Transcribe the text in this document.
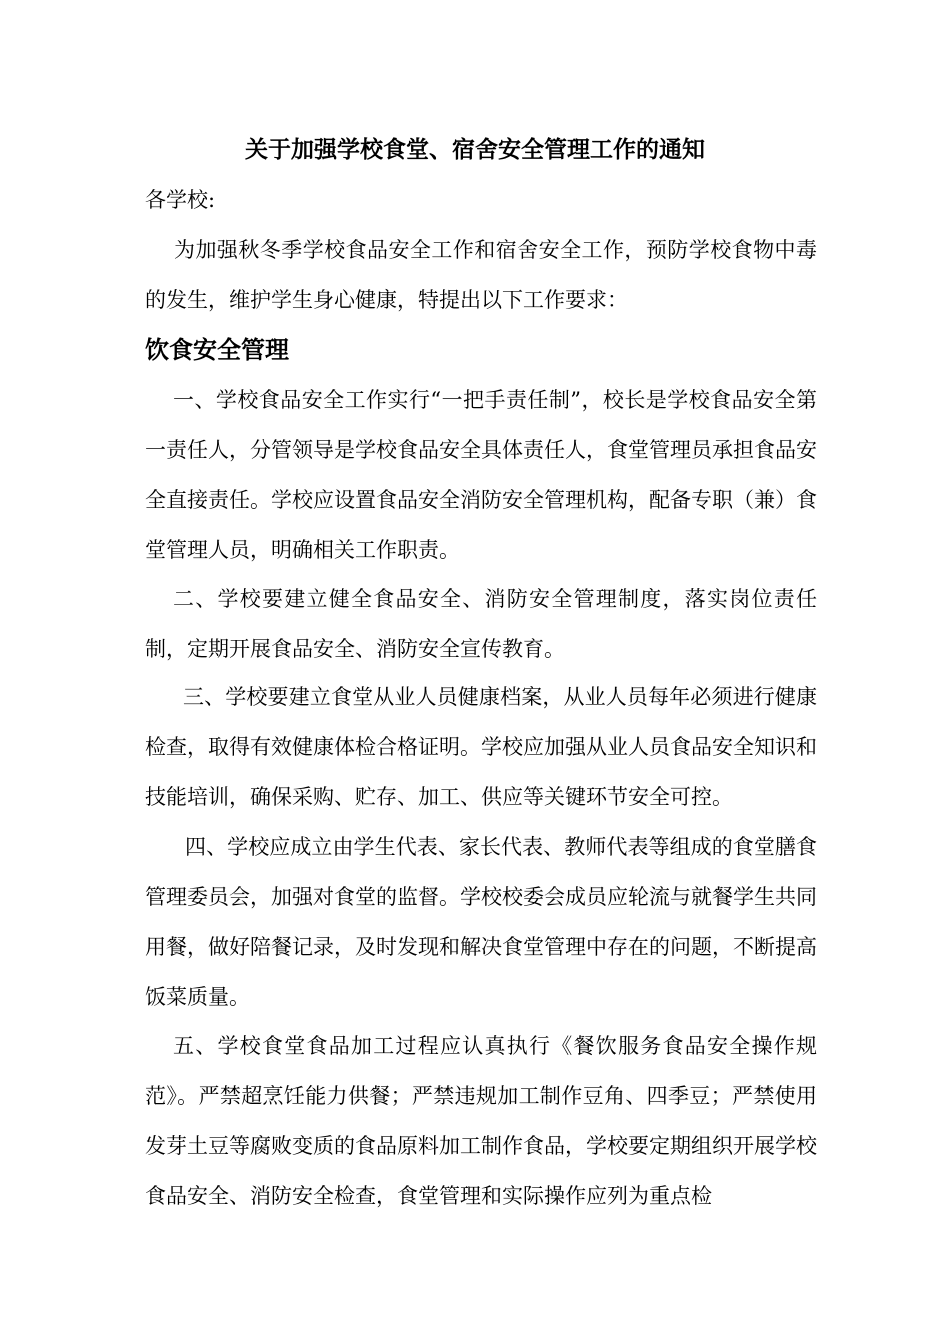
关于加强学校食堂、宿舍安全管理工作的通知

各学校:

为加强秋冬季学校食品安全工作和宿舍安全工作，预防学校食物中毒的发生，维护学生身心健康，特提出以下工作要求：

饮食安全管理

一、学校食品安全工作实行“一把手责任制”，校长是学校食品安全第一责任人，分管领导是学校食品安全具体责任人，食堂管理员承担食品安全直接责任。学校应设置食品安全消防安全管理机构，配备专职（兼）食堂管理人员，明确相关工作职责。

二、学校要建立健全食品安全、消防安全管理制度，落实岗位责任制，定期开展食品安全、消防安全宣传教育。

三、学校要建立食堂从业人员健康档案，从业人员每年必须进行健康检查，取得有效健康体检合格证明。学校应加强从业人员食品安全知识和技能培训，确保采购、贮存、加工、供应等关键环节安全可控。

四、学校应成立由学生代表、家长代表、教师代表等组成的食堂膳食管理委员会，加强对食堂的监督。学校校委会成员应轮流与就餐学生共同用餐，做好陪餐记录，及时发现和解决食堂管理中存在的问题，不断提高饭菜质量。

五、学校食堂食品加工过程应认真执行《餐饮服务食品安全操作规范》。严禁超烹饪能力供餐；严禁违规加工制作豆角、四季豆；严禁使用发芽土豆等腐败变质的食品原料加工制作食品，学校要定期组织开展学校食品安全、消防安全检查，食堂管理和实际操作应列为重点检
